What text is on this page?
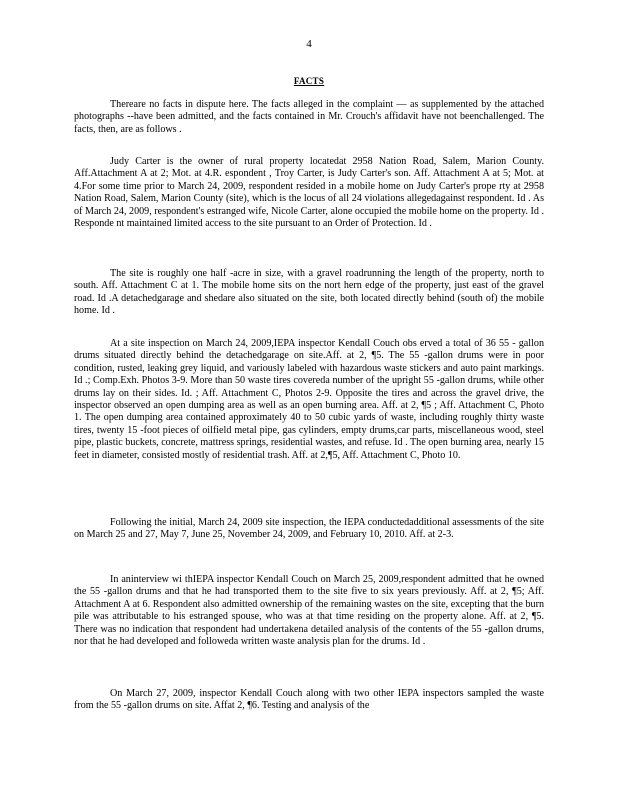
4
FACTS

Thereare no facts in dispute here. The facts alleged in the complaint — as supplemented by the attached photographs --have been admitted, and the facts contained in Mr. Crouch's affidavit have not beenchallenged. The facts, then, are as follows .

Judy Carter is the owner of rural property locatedat 2958 Nation Road, Salem, Marion County. Aff.Attachment A at 2; Mot. at 4.R. espondent , Troy Carter, is Judy Carter's son. Aff. Attachment A at 5; Mot. at 4.For some time prior to March 24, 2009, respondent resided in a mobile home on Judy Carter's prope rty at 2958 Nation Road, Salem, Marion County (site), which is the locus of all 24 violations allegedagainst respondent. Id . As of March 24, 2009, respondent's estranged wife, Nicole Carter, alone occupied the mobile home on the property. Id . Responde nt maintained limited access to the site pursuant to an Order of Protection. Id .

The site is roughly one half -acre in size, with a gravel roadrunning the length of the property, north to south. Aff. Attachment C at 1. The mobile home sits on the nort hern edge of the property, just east of the gravel road. Id .A detachedgarage and shedare also situated on the site, both located directly behind (south of) the mobile home. Id .

At a site inspection on March 24, 2009,IEPA inspector Kendall Couch obs erved a total of 36 55 - gallon drums situated directly behind the detachedgarage on site.Aff. at 2, ¶5. The 55 -gallon drums were in poor condition, rusted, leaking grey liquid, and variously labeled with hazardous waste stickers and auto paint markings. Id .; Comp.Exh. Photos 3-9. More than 50 waste tires covereda number of the upright 55 -gallon drums, while other drums lay on their sides. Id. ; Aff. Attachment C, Photos 2-9. Opposite the tires and across the gravel drive, the inspector observed an open dumping area as well as an open burning area. Aff. at 2, ¶5 ; Aff. Attachment C, Photo 1. The open dumping area contained approximately 40 to 50 cubic yards of waste, including roughly thirty waste tires, twenty 15 -foot pieces of oilfield metal pipe, gas cylinders, empty drums,car parts, miscellaneous wood, steel pipe, plastic buckets, concrete, mattress springs, residential wastes, and refuse. Id . The open burning area, nearly 15 feet in diameter, consisted mostly of residential trash. Aff. at 2,¶5, Aff. Attachment C, Photo 10.

Following the initial, March 24, 2009 site inspection, the IEPA conductedadditional assessments of the site on March 25 and 27, May 7, June 25, November 24, 2009, and February 10, 2010. Aff. at 2-3.

In aninterview wi thIEPA inspector Kendall Couch on March 25, 2009,respondent admitted that he owned the 55 -gallon drums and that he had transported them to the site five to six years previously. Aff. at 2, ¶5; Aff. Attachment A at 6. Respondent also admitted ownership of the remaining wastes on the site, excepting that the burn pile was attributable to his estranged spouse, who was at that time residing on the property alone. Aff. at 2, ¶5. There was no indication that respondent had undertakena detailed analysis of the contents of the 55 -gallon drums, nor that he had developed and followeda written waste analysis plan for the drums. Id .

On March 27, 2009, inspector Kendall Couch along with two other IEPA inspectors sampled the waste from the 55 -gallon drums on site. Affat 2, ¶6. Testing and analysis of the
